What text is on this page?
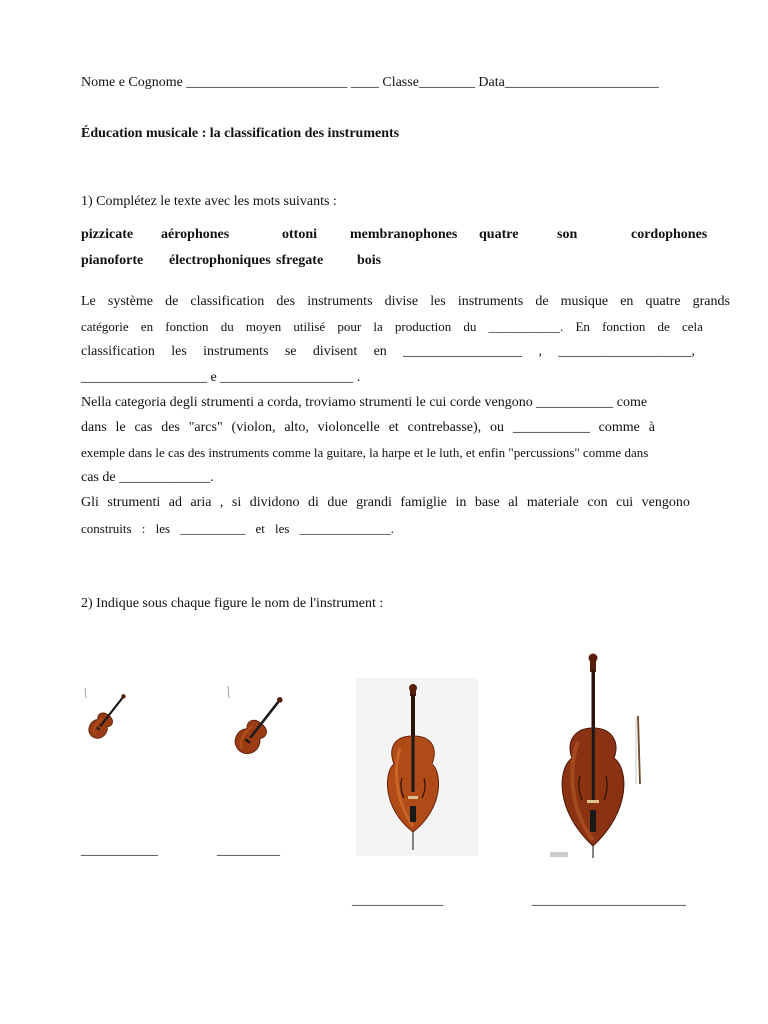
Nome e Cognome _______________________ ____ Classe________ Data______________________
Éducation musicale : la classification des instruments
1) Complétez le texte avec les mots suivants :
pizzicate aérophones	ottoni membranophones quatre	son	cordophones
pianoforte électrophoniques sfregate bois
Le système de classification des instruments divise les instruments de musique en quatre grands
catégorie en fonction du moyen utilisé pour la production du ___________. En fonction de cela
classification les instruments se divisent en _________________ , ___________________,
__________________ e ___________________ .
Nella categoria degli strumenti a corda, troviamo strumenti le cui corde vengono ___________ come
dans le cas des "arcs" (violon, alto, violoncelle et contrebasse), ou ___________ comme à
exemple dans le cas des instruments comme la guitare, la harpe et le luth, et enfin "percussions" comme dans
cas de _____________.
Gli strumenti ad aria , si dividono di due grandi famiglie in base al materiale con cui vengono
construits : les __________ et les ______________.
2) Indique sous chaque figure le nom de l'instrument :
___________	_________
_____________	______________________
